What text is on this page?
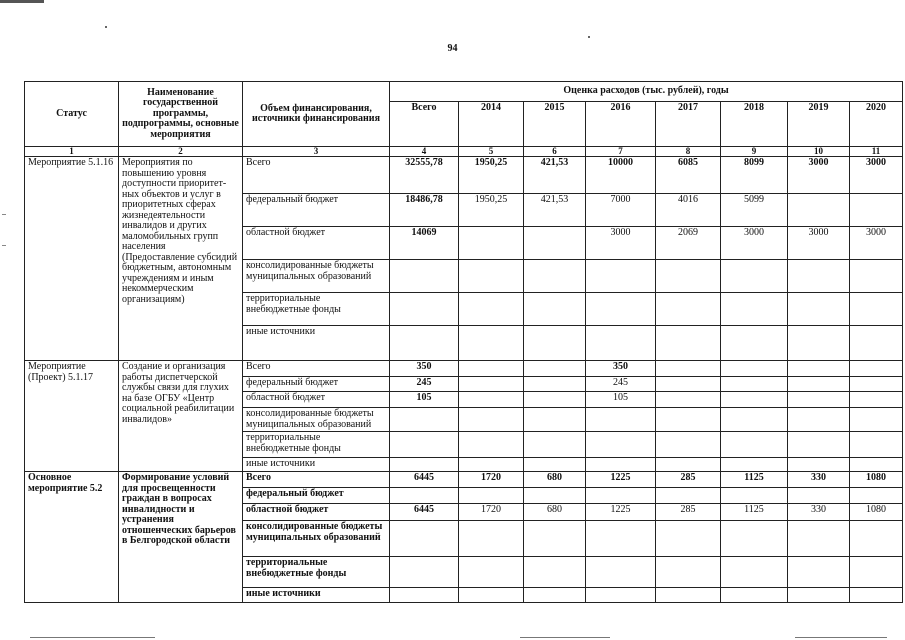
94
Статус	Наименование государственной программы, подпрограммы, основные мероприятия	Объем финансирования, источники финансирования	Оценка расходов (тыс. рублей), годы							
			Всего	2014	2015	2016	2017	2018	2019	2020
1	2	3	4	5	6	7	8	9	10	11
Мероприятие 5.1.16	Мероприятия по повышению уровня доступности приоритет-ных объектов и услуг в приоритетных сферах жизнедеятельности инвалидов и других маломобильных групп населения (Предоставление субсидий бюджетным, автономным учреждениям и иным некоммерческим организациям)	Всего	32555,78	1950,25	421,53	10000	6085	8099	3000	3000
		федеральный бюджет	18486,78	1950,25	421,53	7000	4016	5099		
		областной бюджет	14069			3000	2069	3000	3000	3000
		консолидированные бюджеты муниципальных образований								
		территориальные внебюджетные фонды								
		иные источники								
Мероприятие (Проект) 5.1.17	Создание и организация работы диспетчерской службы связи для глухих на базе ОГБУ «Центр социальной реабилитации инвалидов»	Всего	350			350				
		федеральный бюджет	245			245				
		областной бюджет	105			105				
		консолидированные бюджеты муниципальных образований								
		территориальные внебюджетные фонды								
		иные источники								
Основное мероприятие 5.2	Формирование условий для просвещенности граждан в вопросах инвалидности и устранения отношенческих барьеров в Белгородской области	Всего	6445	1720	680	1225	285	1125	330	1080
		федеральный бюджет								
		областной бюджет	6445	1720	680	1225	285	1125	330	1080
		консолидированные бюджеты муниципальных образований								
		территориальные внебюджетные фонды								
		иные источники								
